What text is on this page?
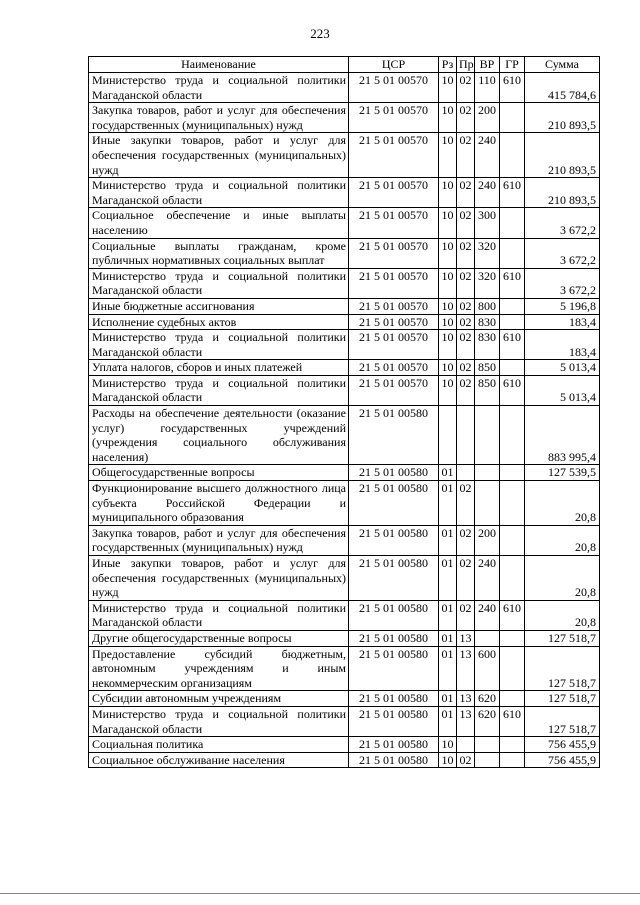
223
Наименование	ЦСР	Рз	Пр	ВР	ГР	Сумма
Министерство труда и социальной политики Магаданской области	21 5 01 00570	10	02	110	610	415 784,6
Закупка товаров, работ и услуг для обеспечения государственных (муниципальных) нужд	21 5 01 00570	10	02	200		210 893,5
Иные закупки товаров, работ и услуг для обеспечения государственных (муниципальных) нужд	21 5 01 00570	10	02	240		210 893,5
Министерство труда и социальной политики Магаданской области	21 5 01 00570	10	02	240	610	210 893,5
Социальное обеспечение и иные выплаты населению	21 5 01 00570	10	02	300		3 672,2
Социальные выплаты гражданам, кроме публичных нормативных социальных выплат	21 5 01 00570	10	02	320		3 672,2
Министерство труда и социальной политики Магаданской области	21 5 01 00570	10	02	320	610	3 672,2
Иные бюджетные ассигнования	21 5 01 00570	10	02	800		5 196,8
Исполнение судебных актов	21 5 01 00570	10	02	830		183,4
Министерство труда и социальной политики Магаданской области	21 5 01 00570	10	02	830	610	183,4
Уплата налогов, сборов и иных платежей	21 5 01 00570	10	02	850		5 013,4
Министерство труда и социальной политики Магаданской области	21 5 01 00570	10	02	850	610	5 013,4
Расходы на обеспечение деятельности (оказание услуг) государственных учреждений (учреждения социального обслуживания населения)	21 5 01 00580					883 995,4
Общегосударственные вопросы	21 5 01 00580	01				127 539,5
Функционирование высшего должностного лица субъекта Российской Федерации и муниципального образования	21 5 01 00580	01	02			20,8
Закупка товаров, работ и услуг для обеспечения государственных (муниципальных) нужд	21 5 01 00580	01	02	200		20,8
Иные закупки товаров, работ и услуг для обеспечения государственных (муниципальных) нужд	21 5 01 00580	01	02	240		20,8
Министерство труда и социальной политики Магаданской области	21 5 01 00580	01	02	240	610	20,8
Другие общегосударственные вопросы	21 5 01 00580	01	13			127 518,7
Предоставление субсидий бюджетным, автономным учреждениям и иным некоммерческим организациям	21 5 01 00580	01	13	600		127 518,7
Субсидии автономным учреждениям	21 5 01 00580	01	13	620		127 518,7
Министерство труда и социальной политики Магаданской области	21 5 01 00580	01	13	620	610	127 518,7
Социальная политика	21 5 01 00580	10				756 455,9
Социальное обслуживание населения	21 5 01 00580	10	02			756 455,9
